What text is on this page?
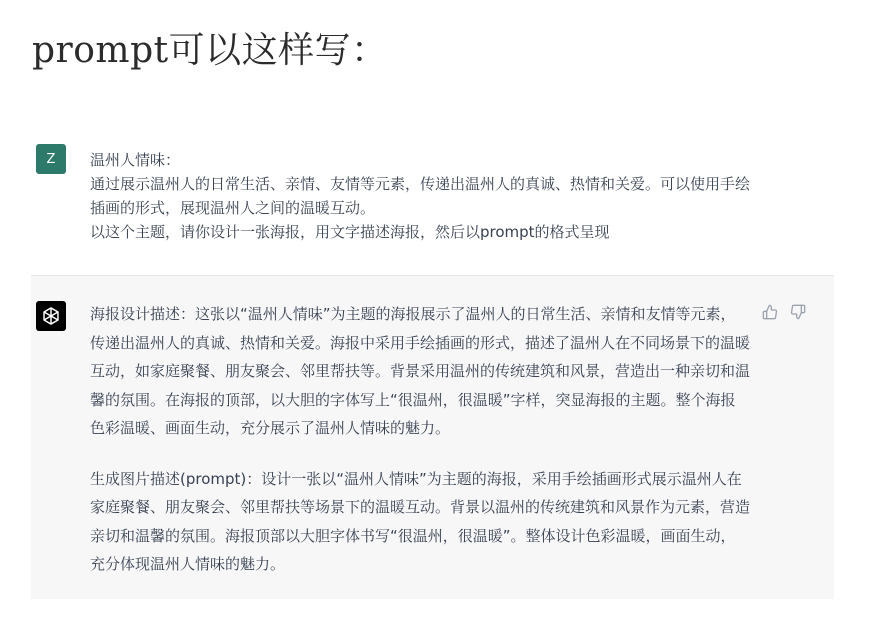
prompt可以这样写：
Z	温州人情味：
通过展示温州人的日常生活、亲情、友情等元素，传递出温州人的真诚、热情和关爱。可以使用手绘插画的形式，展现温州人之间的温暖互动。
以这个主题，请你设计一张海报，用文字描述海报，然后以prompt的格式呈现

海报设计描述：这张以“温州人情味”为主题的海报展示了温州人的日常生活、亲情和友情等元素，传递出温州人的真诚、热情和关爱。海报中采用手绘插画的形式，描述了温州人在不同场景下的温暖互动，如家庭聚餐、朋友聚会、邻里帮扶等。背景采用温州的传统建筑和风景，营造出一种亲切和温馨的氛围。在海报的顶部，以大胆的字体写上“很温州，很温暖”字样，突显海报的主题。整个海报色彩温暖、画面生动，充分展示了温州人情味的魅力。

生成图片描述(prompt)：设计一张以“温州人情味”为主题的海报，采用手绘插画形式展示温州人在家庭聚餐、朋友聚会、邻里帮扶等场景下的温暖互动。背景以温州的传统建筑和风景作为元素，营造亲切和温馨的氛围。海报顶部以大胆字体书写“很温州，很温暖”。整体设计色彩温暖，画面生动，充分体现温州人情味的魅力。
